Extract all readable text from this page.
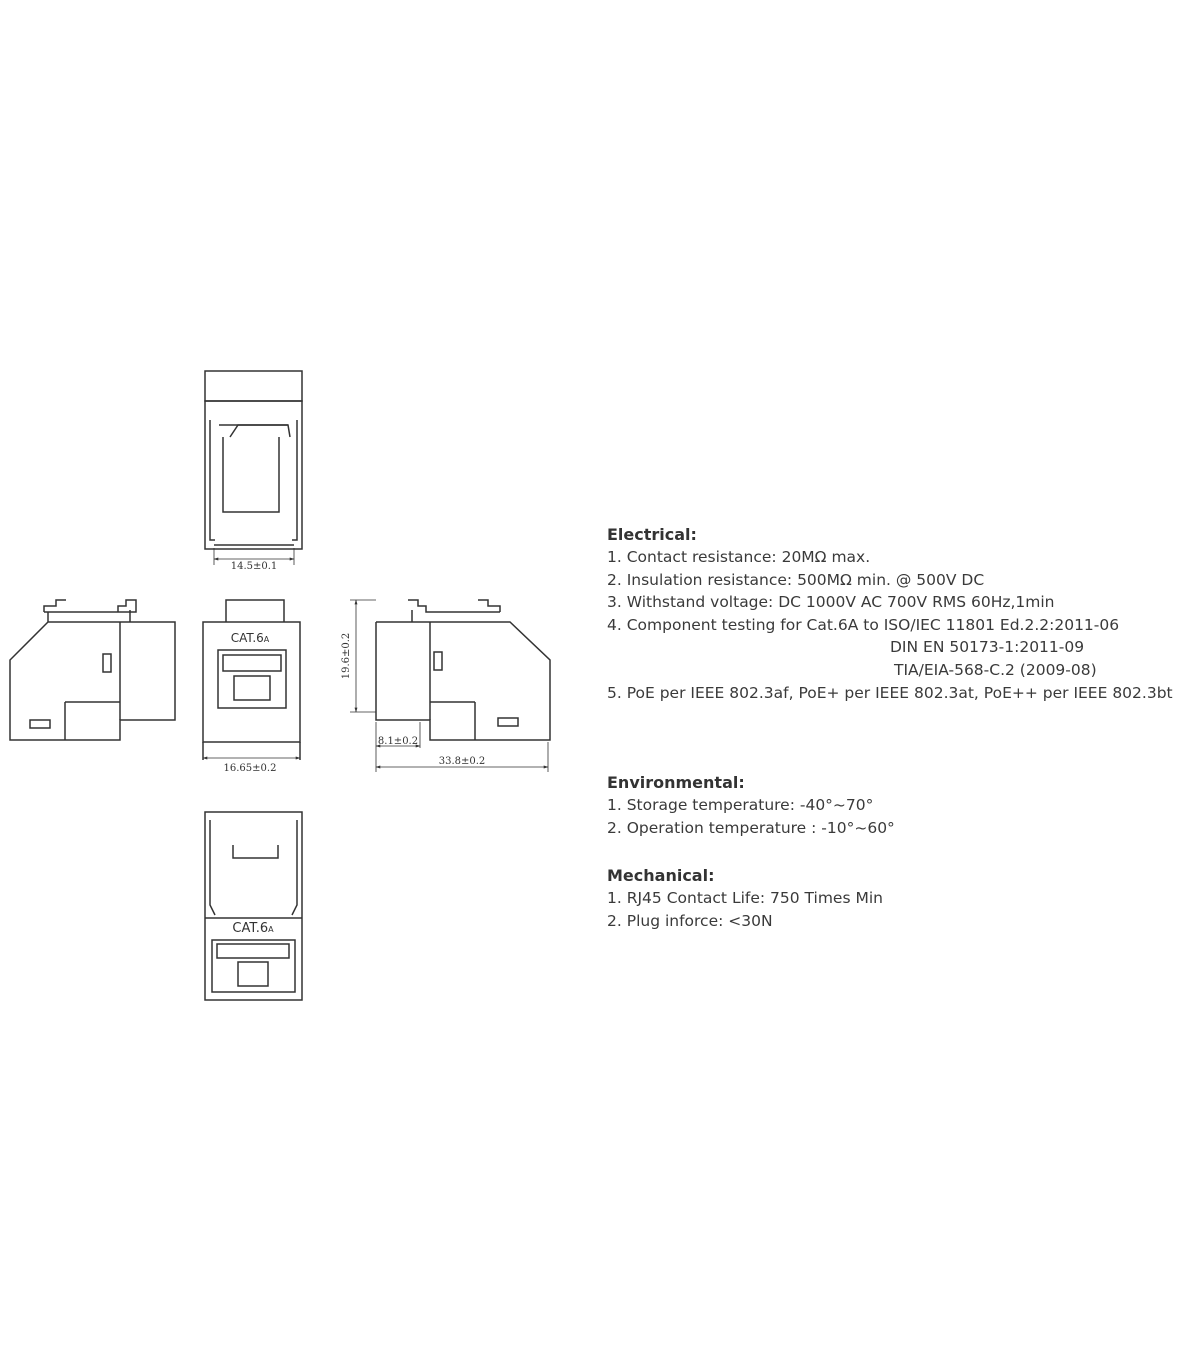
14.5±0.1
CAT.6A
16.65±0.2
19.6±0.2
8.1±0.2
33.8±0.2
CAT.6A
Electrical:
1. Contact resistance: 20MΩ max.
2. Insulation resistance: 500MΩ min. @ 500V DC
3. Withstand voltage: DC 1000V AC 700V RMS 60Hz,1min
4. Component testing for Cat.6A to ISO/IEC 11801 Ed.2.2:2011-06
DIN EN 50173-1:2011-09
TIA/EIA-568-C.2 (2009-08)
5. PoE per IEEE 802.3af, PoE+ per IEEE 802.3at, PoE++ per IEEE 802.3bt
Environmental:
1. Storage temperature: -40°~70°
2. Operation temperature : -10°~60°
Mechanical:
1. RJ45 Contact Life: 750 Times Min
2. Plug inforce: <30N
